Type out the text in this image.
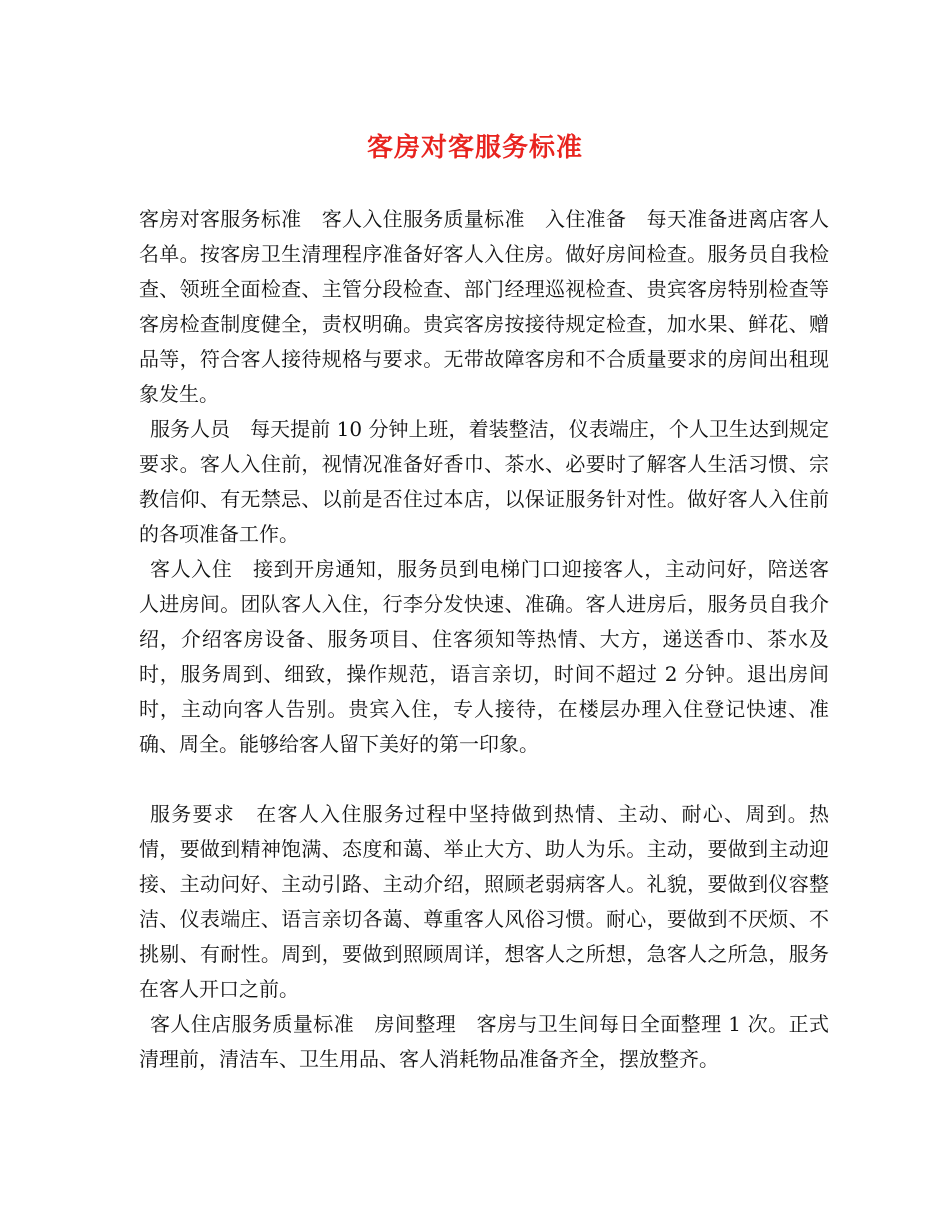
客房对客服务标准

客房对客服务标准　客人入住服务质量标准　入住准备　每天准备进离店客人名单。按客房卫生清理程序准备好客人入住房。做好房间检查。服务员自我检查、领班全面检查、主管分段检查、部门经理巡视检查、贵宾客房特别检查等客房检查制度健全，责权明确。贵宾客房按接待规定检查，加水果、鲜花、赠品等，符合客人接待规格与要求。无带故障客房和不合质量要求的房间出租现象发生。

服务人员　每天提前 10 分钟上班，着装整洁，仪表端庄，个人卫生达到规定要求。客人入住前，视情况准备好香巾、茶水、必要时了解客人生活习惯、宗教信仰、有无禁忌、以前是否住过本店，以保证服务针对性。做好客人入住前的各项准备工作。

客人入住　接到开房通知，服务员到电梯门口迎接客人，主动问好，陪送客人进房间。团队客人入住，行李分发快速、准确。客人进房后，服务员自我介绍，介绍客房设备、服务项目、住客须知等热情、大方，递送香巾、茶水及时，服务周到、细致，操作规范，语言亲切，时间不超过 2 分钟。退出房间时，主动向客人告别。贵宾入住，专人接待，在楼层办理入住登记快速、准确、周全。能够给客人留下美好的第一印象。

服务要求　在客人入住服务过程中坚持做到热情、主动、耐心、周到。热情，要做到精神饱满、态度和蔼、举止大方、助人为乐。主动，要做到主动迎接、主动问好、主动引路、主动介绍，照顾老弱病客人。礼貌，要做到仪容整洁、仪表端庄、语言亲切各蔼、尊重客人风俗习惯。耐心，要做到不厌烦、不挑剔、有耐性。周到，要做到照顾周详，想客人之所想，急客人之所急，服务在客人开口之前。

客人住店服务质量标准　房间整理　客房与卫生间每日全面整理 1 次。正式清理前，清洁车、卫生用品、客人消耗物品准备齐全，摆放整齐。
